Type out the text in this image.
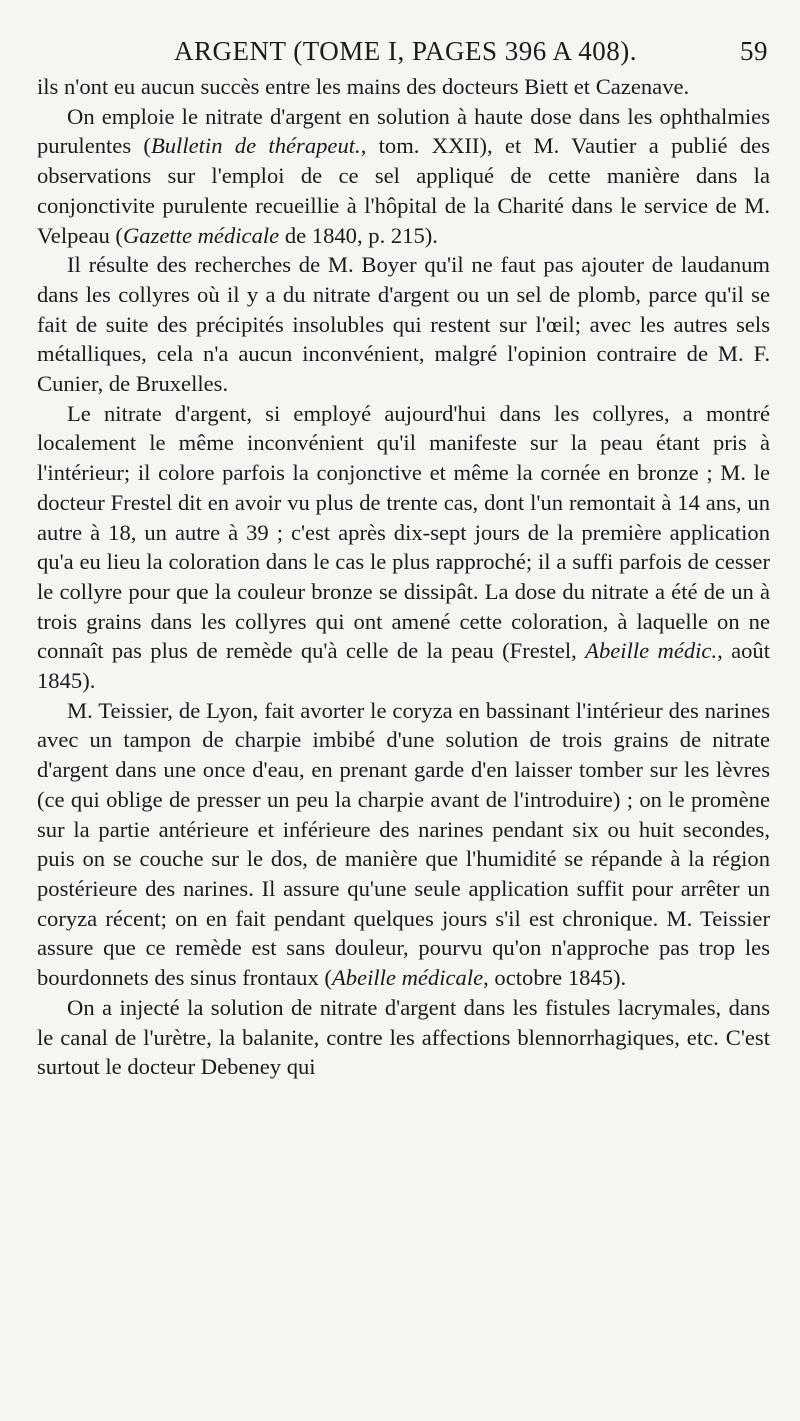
ARGENT (TOME I, PAGES 396 A 408).	59

ils n'ont eu aucun succès entre les mains des docteurs Biett et Cazenave.

On emploie le nitrate d'argent en solution à haute dose dans les ophthalmies purulentes (Bulletin de thérapeut., tom. XXII), et M. Vautier a publié des observations sur l'emploi de ce sel appliqué de cette manière dans la conjonctivite purulente recueillie à l'hôpital de la Charité dans le service de M. Velpeau (Gazette médicale de 1840, p. 215).

Il résulte des recherches de M. Boyer qu'il ne faut pas ajouter de laudanum dans les collyres où il y a du nitrate d'argent ou un sel de plomb, parce qu'il se fait de suite des précipités insolubles qui restent sur l'œil; avec les autres sels métalliques, cela n'a aucun inconvénient, malgré l'opinion contraire de M. F. Cunier, de Bruxelles.

Le nitrate d'argent, si employé aujourd'hui dans les collyres, a montré localement le même inconvénient qu'il manifeste sur la peau étant pris à l'intérieur; il colore parfois la conjonctive et même la cornée en bronze ; M. le docteur Frestel dit en avoir vu plus de trente cas, dont l'un remontait à 14 ans, un autre à 18, un autre à 39 ; c'est après dix-sept jours de la première application qu'a eu lieu la coloration dans le cas le plus rapproché; il a suffi parfois de cesser le collyre pour que la couleur bronze se dissipât. La dose du nitrate a été de un à trois grains dans les collyres qui ont amené cette coloration, à laquelle on ne connaît pas plus de remède qu'à celle de la peau (Frestel, Abeille médic., août 1845).

M. Teissier, de Lyon, fait avorter le coryza en bassinant l'intérieur des narines avec un tampon de charpie imbibé d'une solution de trois grains de nitrate d'argent dans une once d'eau, en prenant garde d'en laisser tomber sur les lèvres (ce qui oblige de presser un peu la charpie avant de l'introduire) ; on le promène sur la partie antérieure et inférieure des narines pendant six ou huit secondes, puis on se couche sur le dos, de manière que l'humidité se répande à la région postérieure des narines. Il assure qu'une seule application suffit pour arrêter un coryza récent; on en fait pendant quelques jours s'il est chronique. M. Teissier assure que ce remède est sans douleur, pourvu qu'on n'approche pas trop les bourdonnets des sinus frontaux (Abeille médicale, octobre 1845).

On a injecté la solution de nitrate d'argent dans les fistules lacrymales, dans le canal de l'urètre, la balanite, contre les affections blennorrhagiques, etc. C'est surtout le docteur Debeney qui
